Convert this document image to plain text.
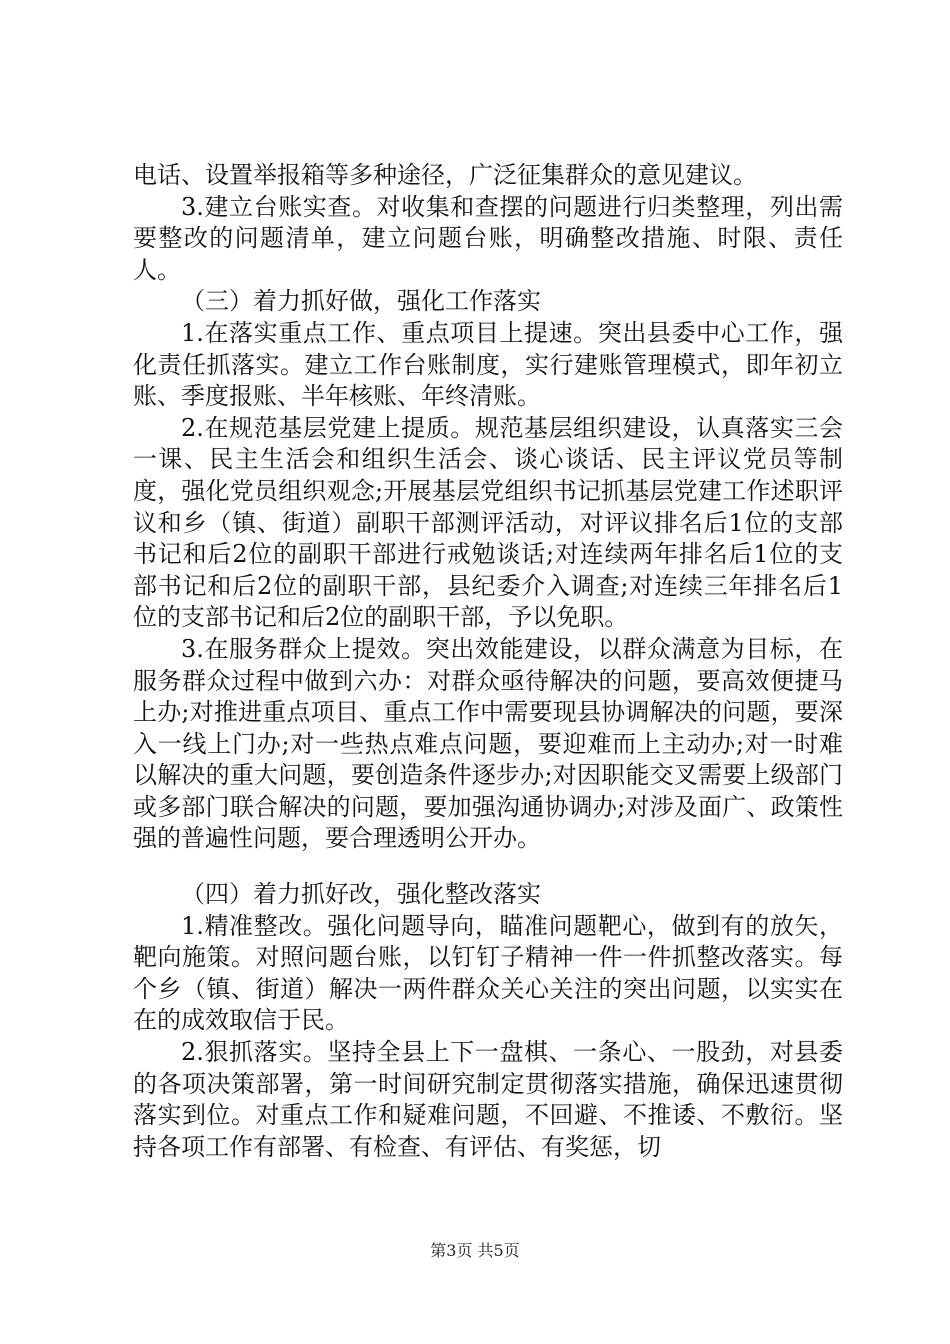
电话、设置举报箱等多种途径，广泛征集群众的意见建议。

3.建立台账实查。对收集和查摆的问题进行归类整理，列出需要整改的问题清单，建立问题台账，明确整改措施、时限、责任人。

（三）着力抓好做，强化工作落实

1.在落实重点工作、重点项目上提速。突出县委中心工作，强化责任抓落实。建立工作台账制度，实行建账管理模式，即年初立账、季度报账、半年核账、年终清账。

2.在规范基层党建上提质。规范基层组织建设，认真落实三会一课、民主生活会和组织生活会、谈心谈话、民主评议党员等制度，强化党员组织观念;开展基层党组织书记抓基层党建工作述职评议和乡（镇、街道）副职干部测评活动，对评议排名后1位的支部书记和后2位的副职干部进行戒勉谈话;对连续两年排名后1位的支部书记和后2位的副职干部，县纪委介入调查;对连续三年排名后1位的支部书记和后2位的副职干部，予以免职。

3.在服务群众上提效。突出效能建设，以群众满意为目标，在服务群众过程中做到六办：对群众亟待解决的问题，要高效便捷马上办;对推进重点项目、重点工作中需要现县协调解决的问题，要深入一线上门办;对一些热点难点问题，要迎难而上主动办;对一时难以解决的重大问题，要创造条件逐步办;对因职能交叉需要上级部门或多部门联合解决的问题，要加强沟通协调办;对涉及面广、政策性强的普遍性问题，要合理透明公开办。

（四）着力抓好改，强化整改落实

1.精准整改。强化问题导向，瞄准问题靶心，做到有的放矢，靶向施策。对照问题台账，以钉钉子精神一件一件抓整改落实。每个乡（镇、街道）解决一两件群众关心关注的突出问题，以实实在在的成效取信于民。

2.狠抓落实。坚持全县上下一盘棋、一条心、一股劲，对县委的各项决策部署，第一时间研究制定贯彻落实措施，确保迅速贯彻落实到位。对重点工作和疑难问题，不回避、不推诿、不敷衍。坚持各项工作有部署、有检查、有评估、有奖惩，切

第3页 共5页
